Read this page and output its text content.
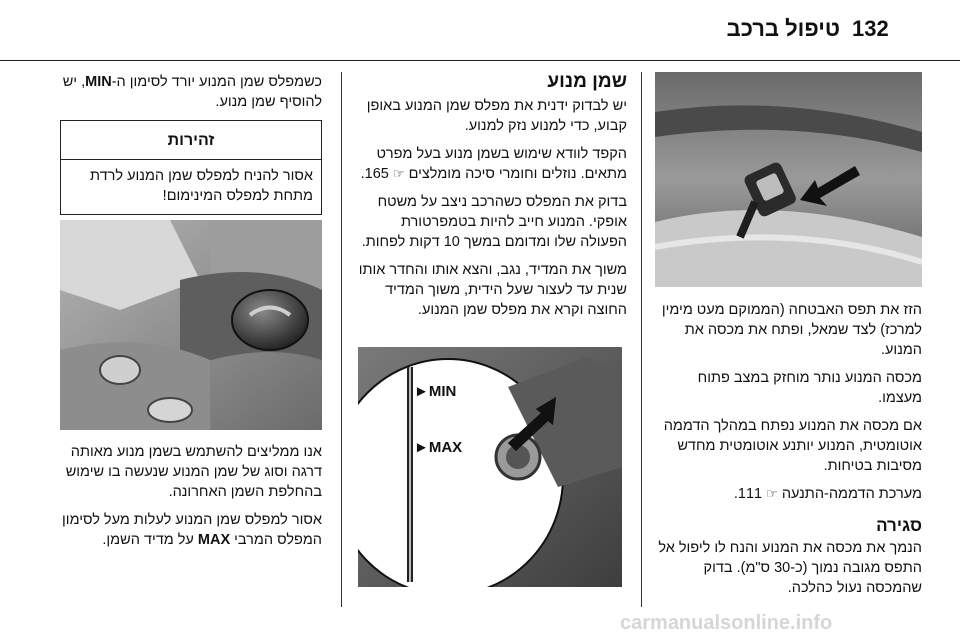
132
טיפול ברכב

הזז את תפס האבטחה (הממוקם מעט מימין למרכז) לצד שמאל, ופתח את מכסה את המנוע.

מכסה המנוע נותר מוחזק במצב פתוח מעצמו.

אם מכסה את המנוע נפתח במהלך הדממה אוטומטית, המנוע יותנע אוטומטית מחדש מסיבות בטיחות.

מערכת הדממה-התנעה ☞ 111.

סגירה

הנמך את מכסה את המנוע והנח לו ליפול אל התפס מגובה נמוך (כ-30 ס"מ). בדוק שהמכסה נעול כהלכה.

שמן מנוע

יש לבדוק ידנית את מפלס שמן המנוע באופן קבוע, כדי למנוע נזק למנוע.

הקפד לוודא שימוש בשמן מנוע בעל מפרט מתאים. נוזלים וחומרי סיכה מומלצים ☞ 165.

בדוק את המפלס כשהרכב ניצב על משטח אופקי. המנוע חייב להיות בטמפרטורת הפעולה שלו ומדומם במשך 10 דקות לפחות.

משוך את המדיד, נגב, והצא אותו והחדר אותו שנית עד לעצור שעל הידית, משוך המדיד החוצה וקרא את מפלס שמן המנוע.

►MIN
►MAX

כשמפלס שמן המנוע יורד לסימון ה-MIN, יש להוסיף שמן מנוע.

זהירות
אסור להניח למפלס שמן המנוע לרדת מתחת למפלס המינימום!

אנו ממליצים להשתמש בשמן מנוע מאותה דרגה וסוג של שמן המנוע שנעשה בו שימוש בהחלפת השמן האחרונה.

אסור למפלס שמן המנוע לעלות מעל לסימון המפלס המרבי MAX על מדיד השמן.

carmanualsonline.info
